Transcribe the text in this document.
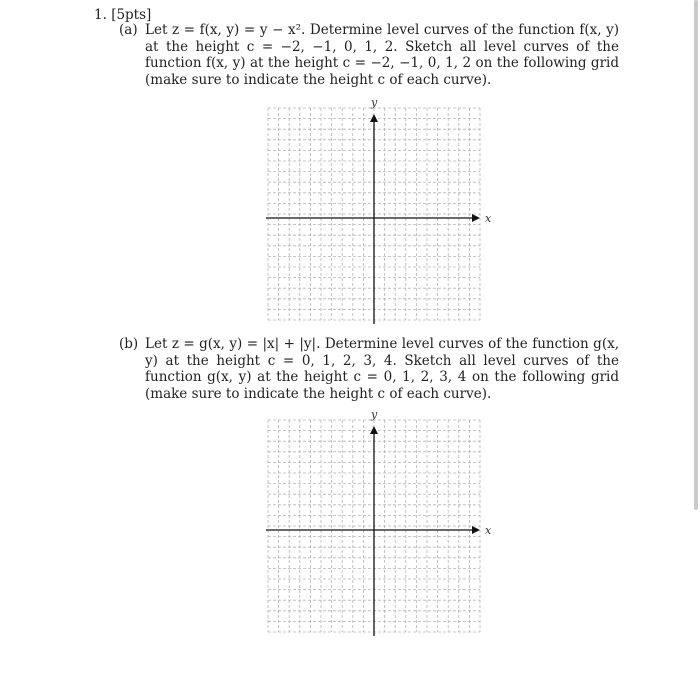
1. [5pts]
(a) Let z = f(x, y) = y − x². Determine level curves of the function f(x, y) at the height c = −2, −1, 0, 1, 2. Sketch all level curves of the function f(x, y) at the height c = −2, −1, 0, 1, 2 on the following grid (make sure to indicate the height c of each curve).
x
y
(b) Let z = g(x, y) = |x| + |y|. Determine level curves of the function g(x, y) at the height c = 0, 1, 2, 3, 4. Sketch all level curves of the function g(x, y) at the height c = 0, 1, 2, 3, 4 on the following grid (make sure to indicate the height c of each curve).
x
y
